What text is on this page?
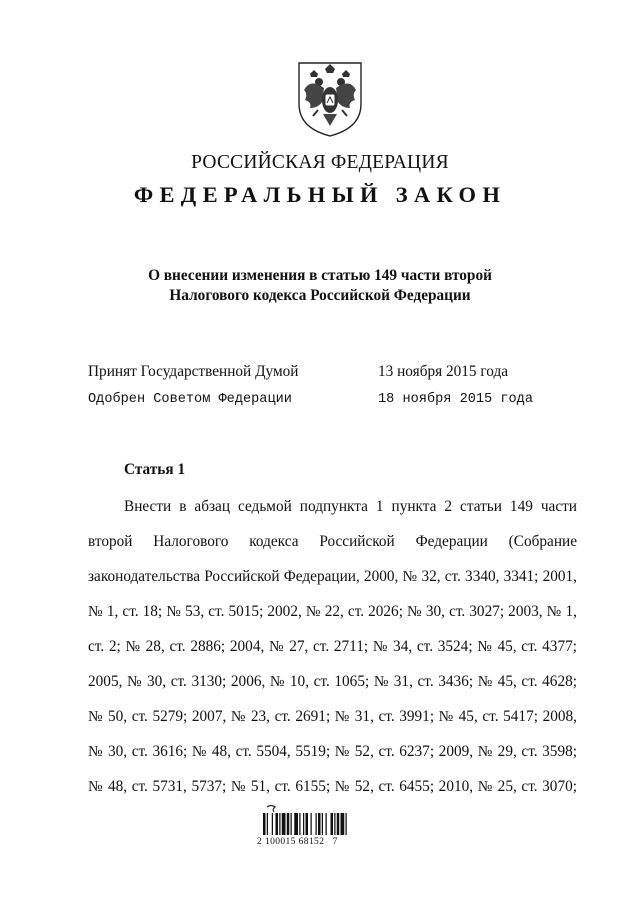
РОССИЙСКАЯ ФЕДЕРАЦИЯ
ФЕДЕРАЛЬНЫЙ ЗАКОН
О внесении изменения в статью 149 части второй
Налогового кодекса Российской Федерации
Принят Государственной Думой	13 ноября 2015 года
Одобрен Советом Федерации	18 ноября 2015 года
Статья 1
Внести в абзац седьмой подпункта 1 пункта 2 статьи 149 части
второй Налогового кодекса Российской Федерации (Собрание
законодательства Российской Федерации, 2000, № 32, ст. 3340, 3341; 2001,
№ 1, ст. 18; № 53, ст. 5015; 2002, № 22, ст. 2026; № 30, ст. 3027; 2003, № 1,
ст. 2; № 28, ст. 2886; 2004, № 27, ст. 2711; № 34, ст. 3524; № 45, ст. 4377;
2005, № 30, ст. 3130; 2006, № 10, ст. 1065; № 31, ст. 3436; № 45, ст. 4628;
№ 50, ст. 5279; 2007, № 23, ст. 2691; № 31, ст. 3991; № 45, ст. 5417; 2008,
№ 30, ст. 3616; № 48, ст. 5504, 5519; № 52, ст. 6237; 2009, № 29, ст. 3598;
№ 48, ст. 5731, 5737; № 51, ст. 6155; № 52, ст. 6455; 2010, № 25, ст. 3070;
2 100015 68152   7
